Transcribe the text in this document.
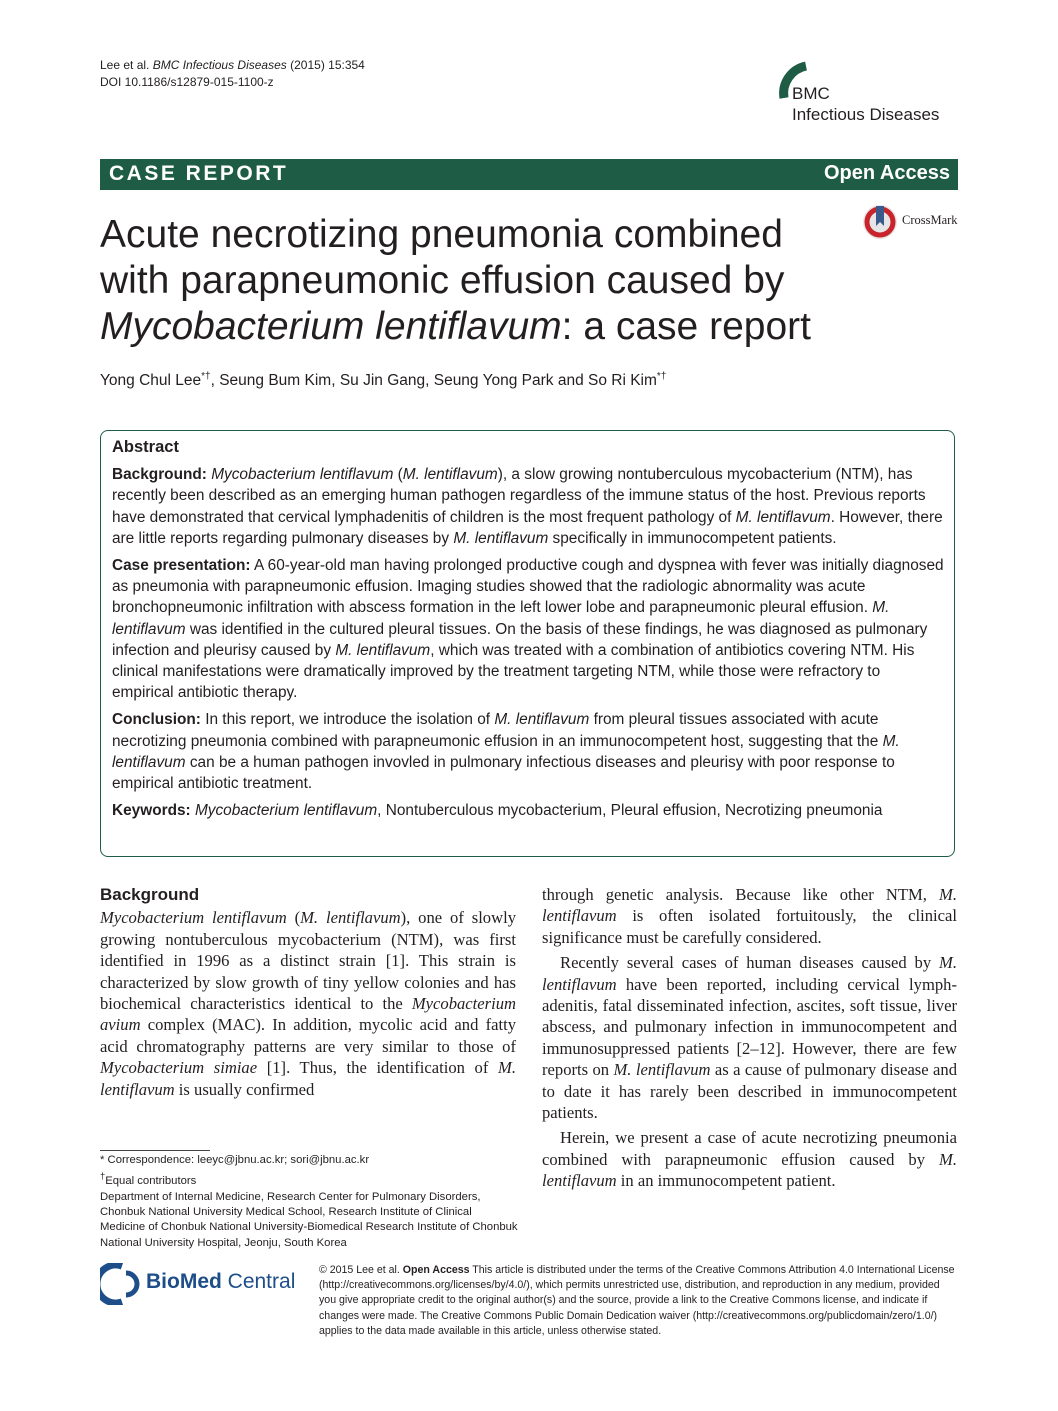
Lee et al. BMC Infectious Diseases (2015) 15:354
DOI 10.1186/s12879-015-1100-z
BMC
Infectious Diseases
CASE REPORT	Open Access
CrossMark
Acute necrotizing pneumonia combined
with parapneumonic effusion caused by
Mycobacterium lentiflavum: a case report
Yong Chul Lee*†, Seung Bum Kim, Su Jin Gang, Seung Yong Park and So Ri Kim*†
Abstract

Background: Mycobacterium lentiflavum (M. lentiflavum), a slow growing nontuberculous mycobacterium (NTM), has recently been described as an emerging human pathogen regardless of the immune status of the host. Previous reports have demonstrated that cervical lymphadenitis of children is the most frequent pathology of M. lentiflavum. However, there are little reports regarding pulmonary diseases by M. lentiflavum specifically in immunocompetent patients.

Case presentation: A 60-year-old man having prolonged productive cough and dyspnea with fever was initially diagnosed as pneumonia with parapneumonic effusion. Imaging studies showed that the radiologic abnormality was acute bronchopneumonic infiltration with abscess formation in the left lower lobe and parapneumonic pleural effusion. M. lentiflavum was identified in the cultured pleural tissues. On the basis of these findings, he was diagnosed as pulmonary infection and pleurisy caused by M. lentiflavum, which was treated with a combination of antibiotics covering NTM. His clinical manifestations were dramatically improved by the treatment targeting NTM, while those were refractory to empirical antibiotic therapy.

Conclusion: In this report, we introduce the isolation of M. lentiflavum from pleural tissues associated with acute necrotizing pneumonia combined with parapneumonic effusion in an immunocompetent host, suggesting that the M. lentiflavum can be a human pathogen invovled in pulmonary infectious diseases and pleurisy with poor response to empirical antibiotic treatment.

Keywords: Mycobacterium lentiflavum, Nontuberculous mycobacterium, Pleural effusion, Necrotizing pneumonia

Background

Mycobacterium lentiflavum (M. lentiflavum), one of slowly growing nontuberculous mycobacterium (NTM), was first identified in 1996 as a distinct strain [1]. This strain is characterized by slow growth of tiny yellow colonies and has biochemical characteristics identical to the Mycobacterium avium complex (MAC). In addition, mycolic acid and fatty acid chromatography patterns are very similar to those of Mycobacterium simiae [1]. Thus, the identification of M. lentiflavum is usually confirmed

through genetic analysis. Because like other NTM, M. lentiflavum is often isolated fortuitously, the clinical significance must be carefully considered.

Recently several cases of human diseases caused by M. lentiflavum have been reported, including cervical lymphadenitis, fatal disseminated infection, ascites, soft tissue, liver abscess, and pulmonary infection in immunocompetent and immunosuppressed patients [2–12]. However, there are few reports on M. lentiflavum as a cause of pulmonary disease and to date it has rarely been described in immunocompetent patients.

Herein, we present a case of acute necrotizing pneumonia combined with parapneumonic effusion caused by M. lentiflavum in an immunocompetent patient.

* Correspondence: leeyc@jbnu.ac.kr; sori@jbnu.ac.kr

†Equal contributors

Department of Internal Medicine, Research Center for Pulmonary Disorders, Chonbuk National University Medical School, Research Institute of Clinical Medicine of Chonbuk National University-Biomedical Research Institute of Chonbuk National University Hospital, Jeonju, South Korea

BioMed Central © 2015 Lee et al. Open Access This article is distributed under the terms of the Creative Commons Attribution 4.0 International License (http://creativecommons.org/licenses/by/4.0/), which permits unrestricted use, distribution, and reproduction in any medium, provided you give appropriate credit to the original author(s) and the source, provide a link to the Creative Commons license, and indicate if changes were made. The Creative Commons Public Domain Dedication waiver (http://creativecommons.org/publicdomain/zero/1.0/) applies to the data made available in this article, unless otherwise stated.
